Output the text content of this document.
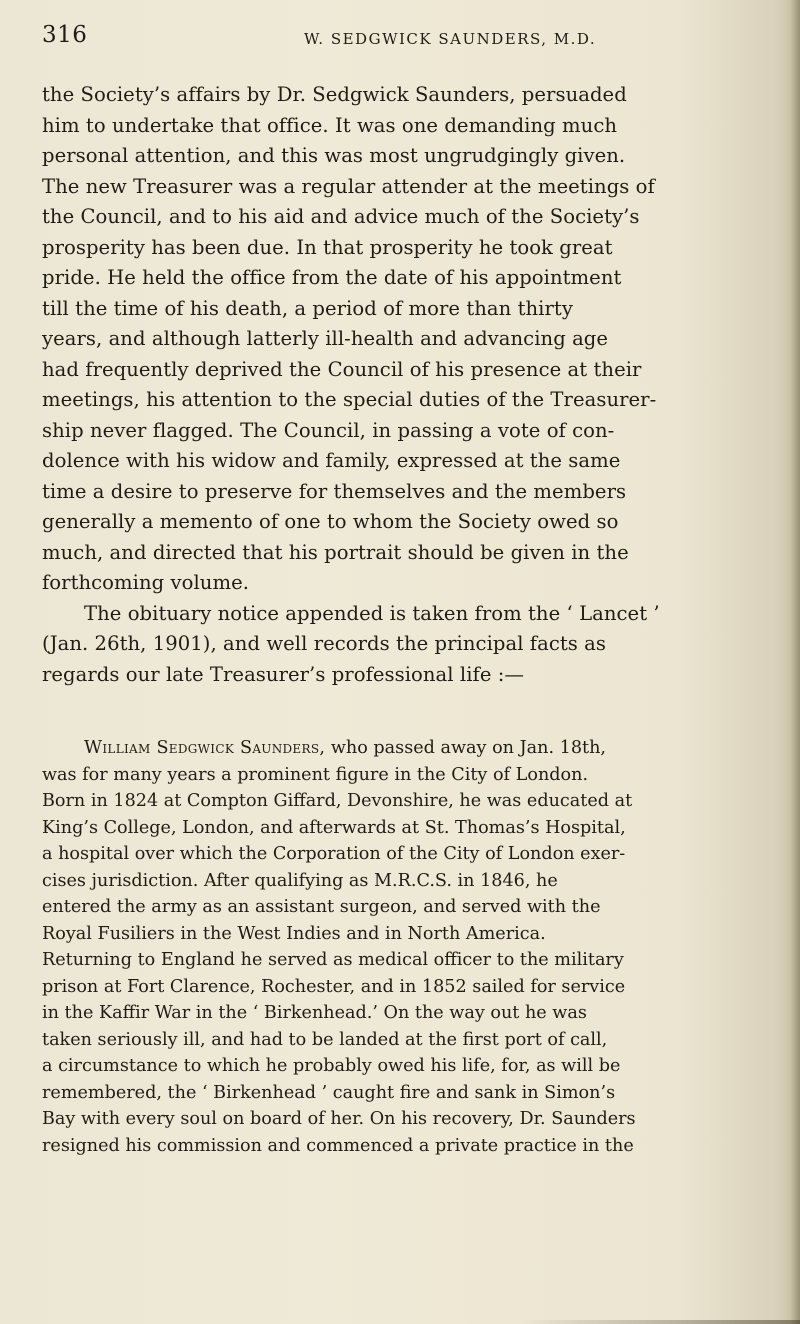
316	W. SEDGWICK SAUNDERS, M.D.
the Society’s affairs by Dr. Sedgwick Saunders, persuaded
him to undertake that office. It was one demanding much
personal attention, and this was most ungrudgingly given.
The new Treasurer was a regular attender at the meetings of
the Council, and to his aid and advice much of the Society’s
prosperity has been due. In that prosperity he took great
pride. He held the office from the date of his appointment
till the time of his death, a period of more than thirty
years, and although latterly ill-health and advancing age
had frequently deprived the Council of his presence at their
meetings, his attention to the special duties of the Treasurer-
ship never flagged. The Council, in passing a vote of con-
dolence with his widow and family, expressed at the same
time a desire to preserve for themselves and the members
generally a memento of one to whom the Society owed so
much, and directed that his portrait should be given in the
forthcoming volume.
The obituary notice appended is taken from the ‘ Lancet ’
(Jan. 26th, 1901), and well records the principal facts as
regards our late Treasurer’s professional life :—
William Sedgwick Saunders, who passed away on Jan. 18th,
was for many years a prominent figure in the City of London.
Born in 1824 at Compton Giffard, Devonshire, he was educated at
King’s College, London, and afterwards at St. Thomas’s Hospital,
a hospital over which the Corporation of the City of London exer-
cises jurisdiction. After qualifying as M.R.C.S. in 1846, he
entered the army as an assistant surgeon, and served with the
Royal Fusiliers in the West Indies and in North America.
Returning to England he served as medical officer to the military
prison at Fort Clarence, Rochester, and in 1852 sailed for service
in the Kaffir War in the ‘ Birkenhead.’ On the way out he was
taken seriously ill, and had to be landed at the first port of call,
a circumstance to which he probably owed his life, for, as will be
remembered, the ‘ Birkenhead ’ caught fire and sank in Simon’s
Bay with every soul on board of her. On his recovery, Dr. Saunders
resigned his commission and commenced a private practice in the
